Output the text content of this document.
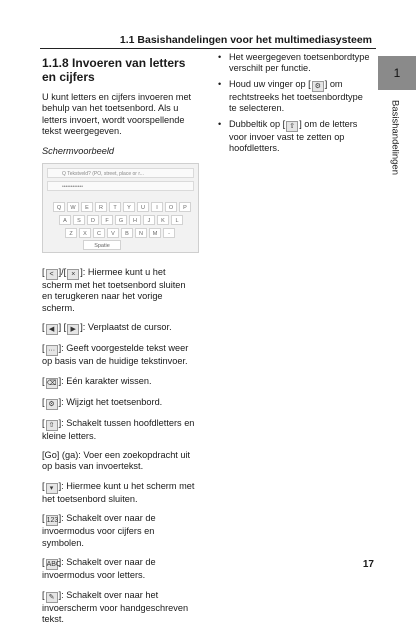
1.1 Basishandelingen voor het multimediasysteem
1
Basishandelingen
1.1.8 Invoeren van letters en cijfers

U kunt letters en cijfers invoeren met behulp van het toetsenbord. Als u letters invoert, wordt voorspellende tekst weergegeven.

Schermvoorbeeld

Q Tekstveld? (PO, street, place or r...
••••••••••••
Q	W	E	R	T	Y	U	I	O	P
A	S	D	F	G	H	J	K	L
Z	X	C	V	B	N	M	-
Spatie

[ < ]/[ × ]: Hiermee kunt u het scherm met het toetsenbord sluiten en terugkeren naar het vorige scherm.

[ ◀ ] [ ▶ ]: Verplaatst de cursor.

[ ··· ]: Geeft voorgestelde tekst weer op basis van de huidige tekstinvoer.

[ ⌫ ]: Eén karakter wissen.

[ ⚙ ]: Wijzigt het toetsenbord.

[ ⇧ ]: Schakelt tussen hoofdletters en kleine letters.

[Go] (ga): Voer een zoekopdracht uit op basis van invoertekst.

[ ▾ ]: Hiermee kunt u het scherm met het toetsenbord sluiten.

[ 123]: Schakelt over naar de invoermodus voor cijfers en symbolen.

[ ABC]: Schakelt over naar de invoermodus voor letters.

[ ✎ ]: Schakelt over naar het invoerscherm voor handgeschreven tekst.

• Het weergegeven toetsenbordtype verschilt per functie.
• Houd uw vinger op [ ⚙ ] om rechtstreeks het toetsenbordtype te selecteren.
• Dubbeltik op [ ⇧ ] om de letters voor invoer vast te zetten op hoofdletters.
17
